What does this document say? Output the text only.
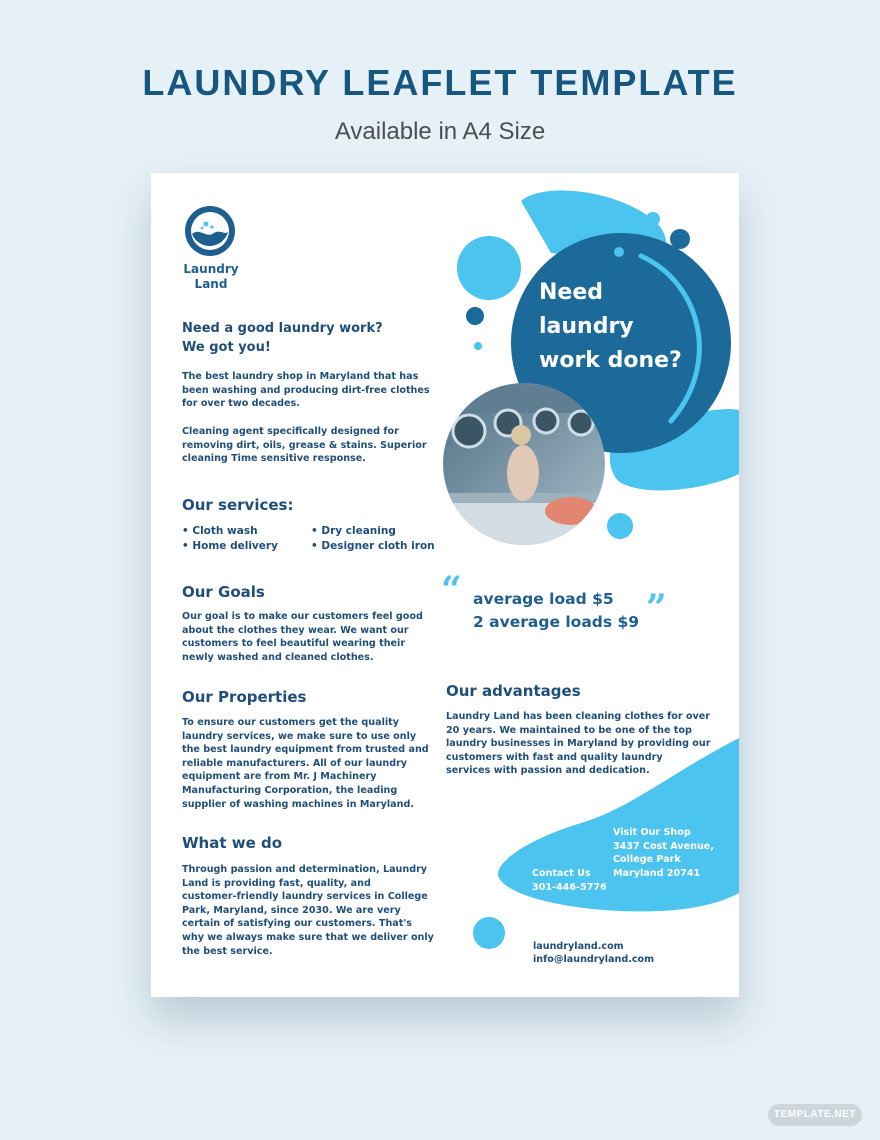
LAUNDRY LEAFLET TEMPLATE
Available in A4 Size
Laundry
Land
Need a good laundry work?
We got you!
The best laundry shop in Maryland that has
been washing and producing dirt-free clothes
for over two decades.
Cleaning agent specifically designed for
removing dirt, oils, grease & stains. Superior
cleaning Time sensitive response.
Our services:
• Cloth wash	• Dry cleaning
• Home delivery	• Designer cloth iron
Our Goals
Our goal is to make our customers feel good
about the clothes they wear. We want our
customers to feel beautiful wearing their
newly washed and cleaned clothes.
Our Properties
To ensure our customers get the quality
laundry services, we make sure to use only
the best laundry equipment from trusted and
reliable manufacturers. All of our laundry
equipment are from Mr. J Machinery
Manufacturing Corporation, the leading
supplier of washing machines in Maryland.
What we do
Through passion and determination, Laundry
Land is providing fast, quality, and
customer-friendly laundry services in College
Park, Maryland, since 2030. We are very
certain of satisfying our customers. That's
why we always make sure that we deliver only
the best service.
Need
laundry
work done?
“	”
average load $5
2 average loads $9
Our advantages
Laundry Land has been cleaning clothes for over
20 years. We maintained to be one of the top
laundry businesses in Maryland by providing our
customers with fast and quality laundry
services with passion and dedication.
Visit Our Shop
3437 Cost Avenue,
College Park
Maryland 20741
Contact Us
301-446-5776
laundryland.com
info@laundryland.com
TEMPLATE.NET
